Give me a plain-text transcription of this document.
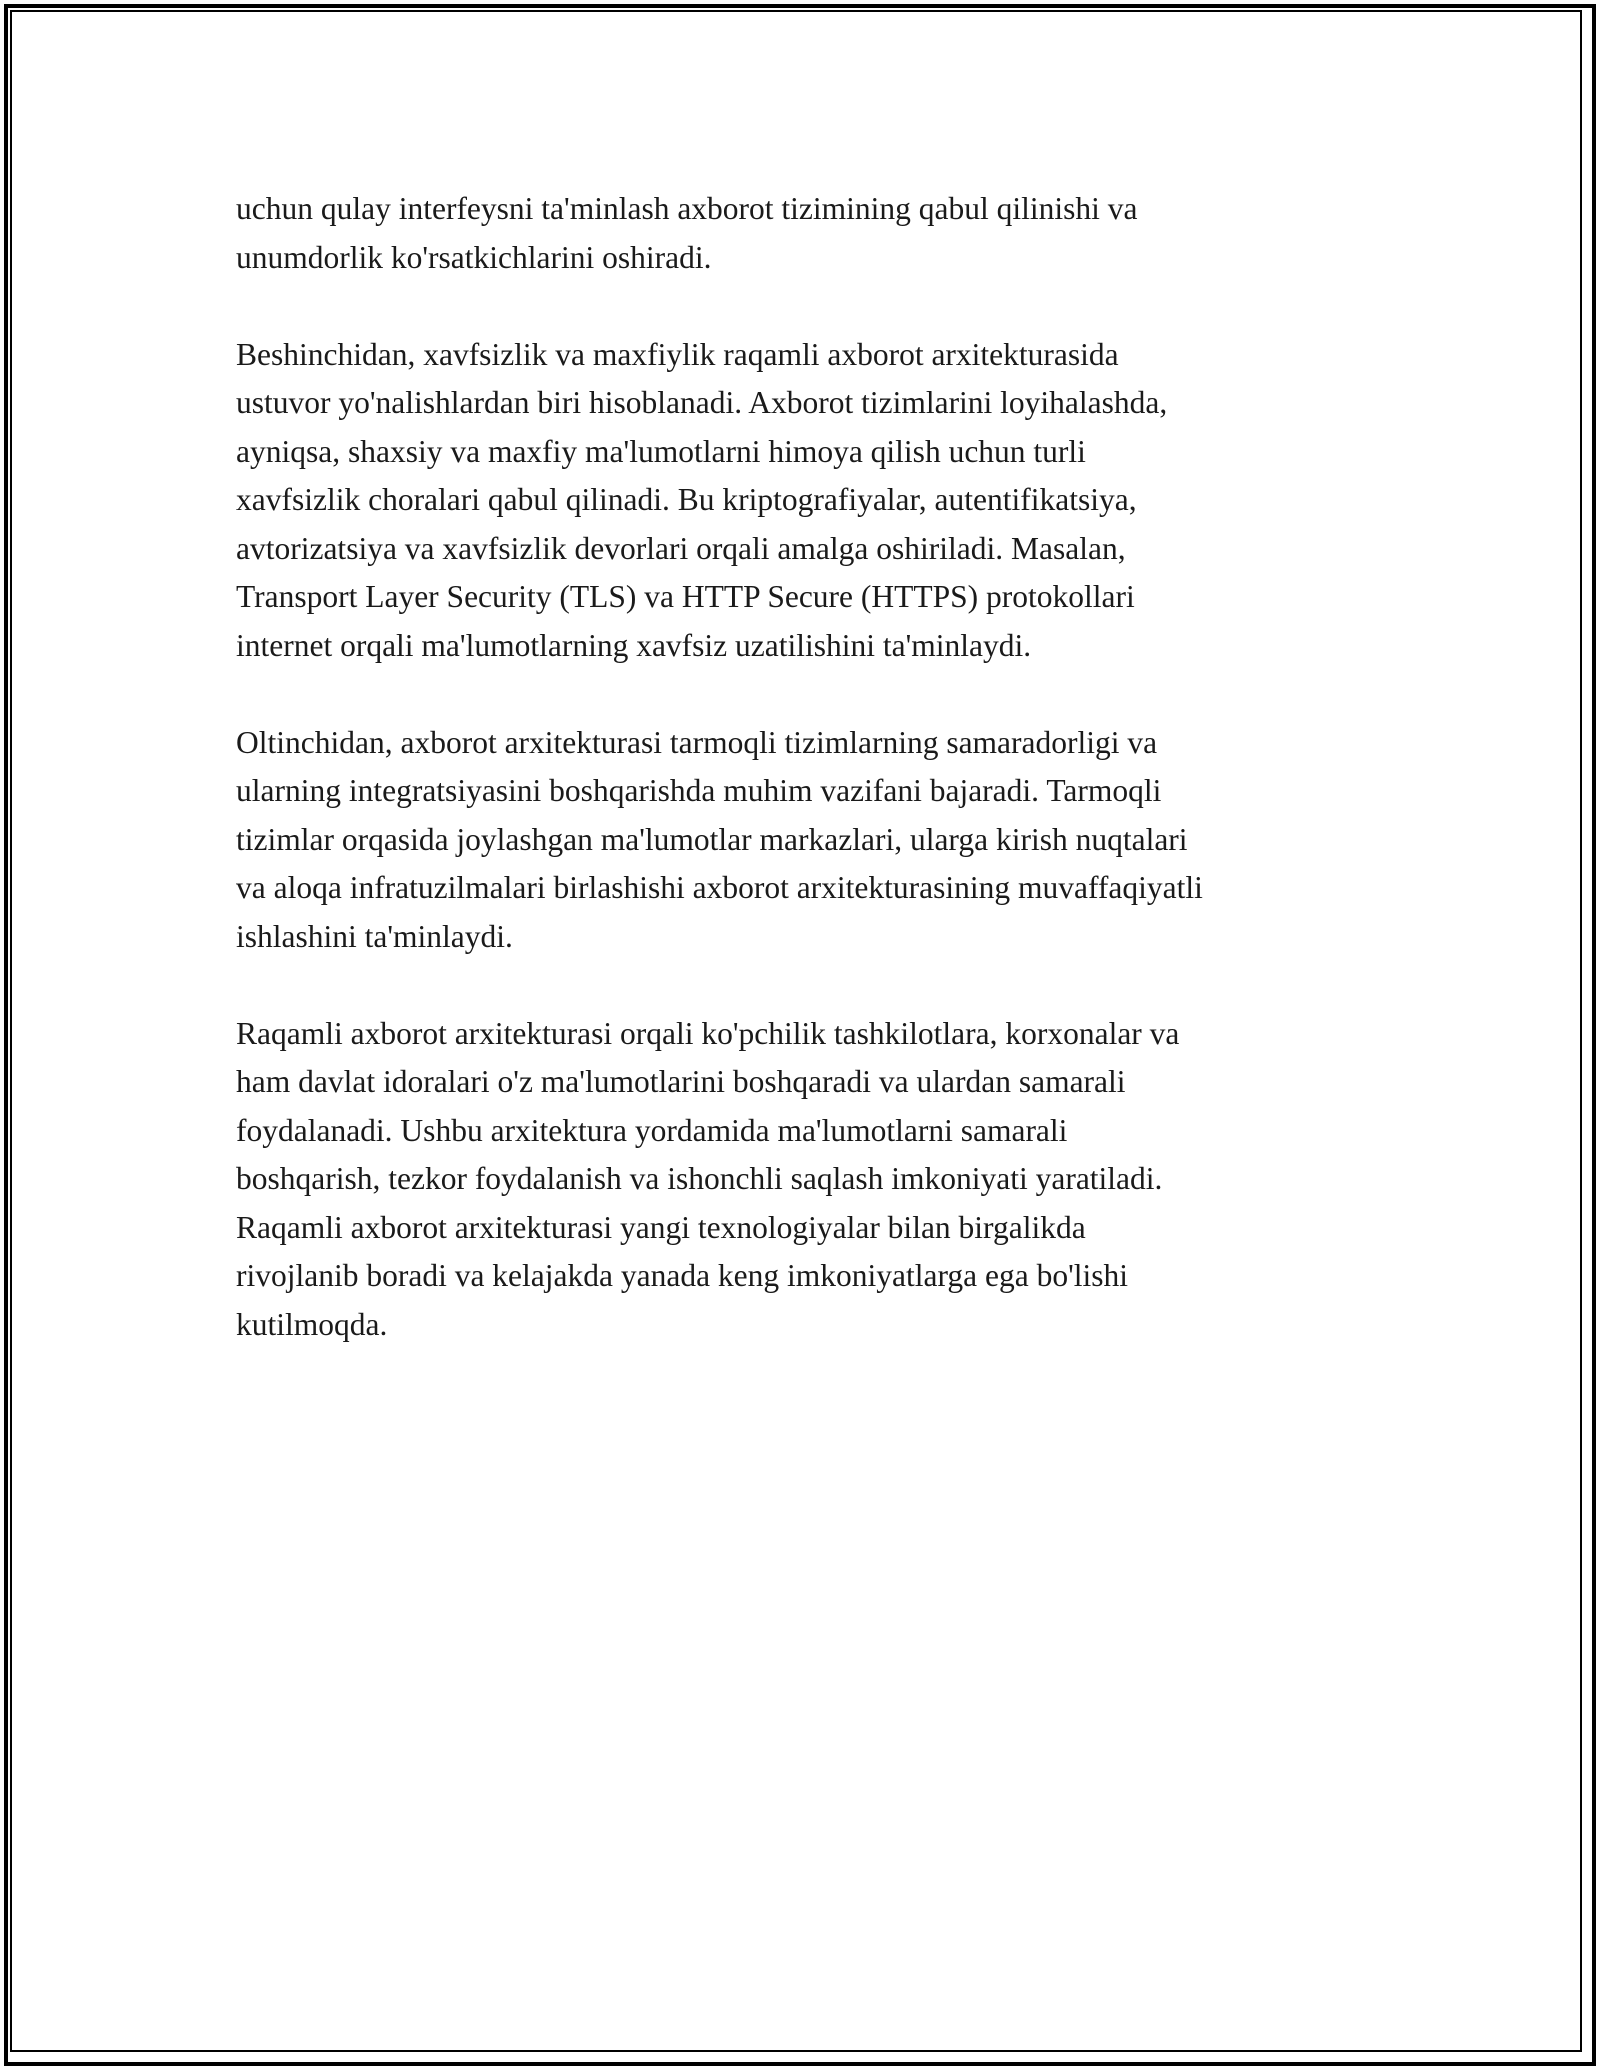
uchun qulay interfeysni ta'minlash axborot tizimining qabul qilinishi va
unumdorlik ko'rsatkichlarini oshiradi.

Beshinchidan, xavfsizlik va maxfiylik raqamli axborot arxitekturasida
ustuvor yo'nalishlardan biri hisoblanadi. Axborot tizimlarini loyihalashda,
ayniqsa, shaxsiy va maxfiy ma'lumotlarni himoya qilish uchun turli
xavfsizlik choralari qabul qilinadi. Bu kriptografiyalar, autentifikatsiya,
avtorizatsiya va xavfsizlik devorlari orqali amalga oshiriladi. Masalan,
Transport Layer Security (TLS) va HTTP Secure (HTTPS) protokollari
internet orqali ma'lumotlarning xavfsiz uzatilishini ta'minlaydi.

Oltinchidan, axborot arxitekturasi tarmoqli tizimlarning samaradorligi va
ularning integratsiyasini boshqarishda muhim vazifani bajaradi. Tarmoqli
tizimlar orqasida joylashgan ma'lumotlar markazlari, ularga kirish nuqtalari
va aloqa infratuzilmalari birlashishi axborot arxitekturasining muvaffaqiyatli
ishlashini ta'minlaydi.

Raqamli axborot arxitekturasi orqali ko'pchilik tashkilotlara, korxonalar va
ham davlat idoralari o'z ma'lumotlarini boshqaradi va ulardan samarali
foydalanadi. Ushbu arxitektura yordamida ma'lumotlarni samarali
boshqarish, tezkor foydalanish va ishonchli saqlash imkoniyati yaratiladi.
Raqamli axborot arxitekturasi yangi texnologiyalar bilan birgalikda
rivojlanib boradi va kelajakda yanada keng imkoniyatlarga ega bo'lishi
kutilmoqda.
